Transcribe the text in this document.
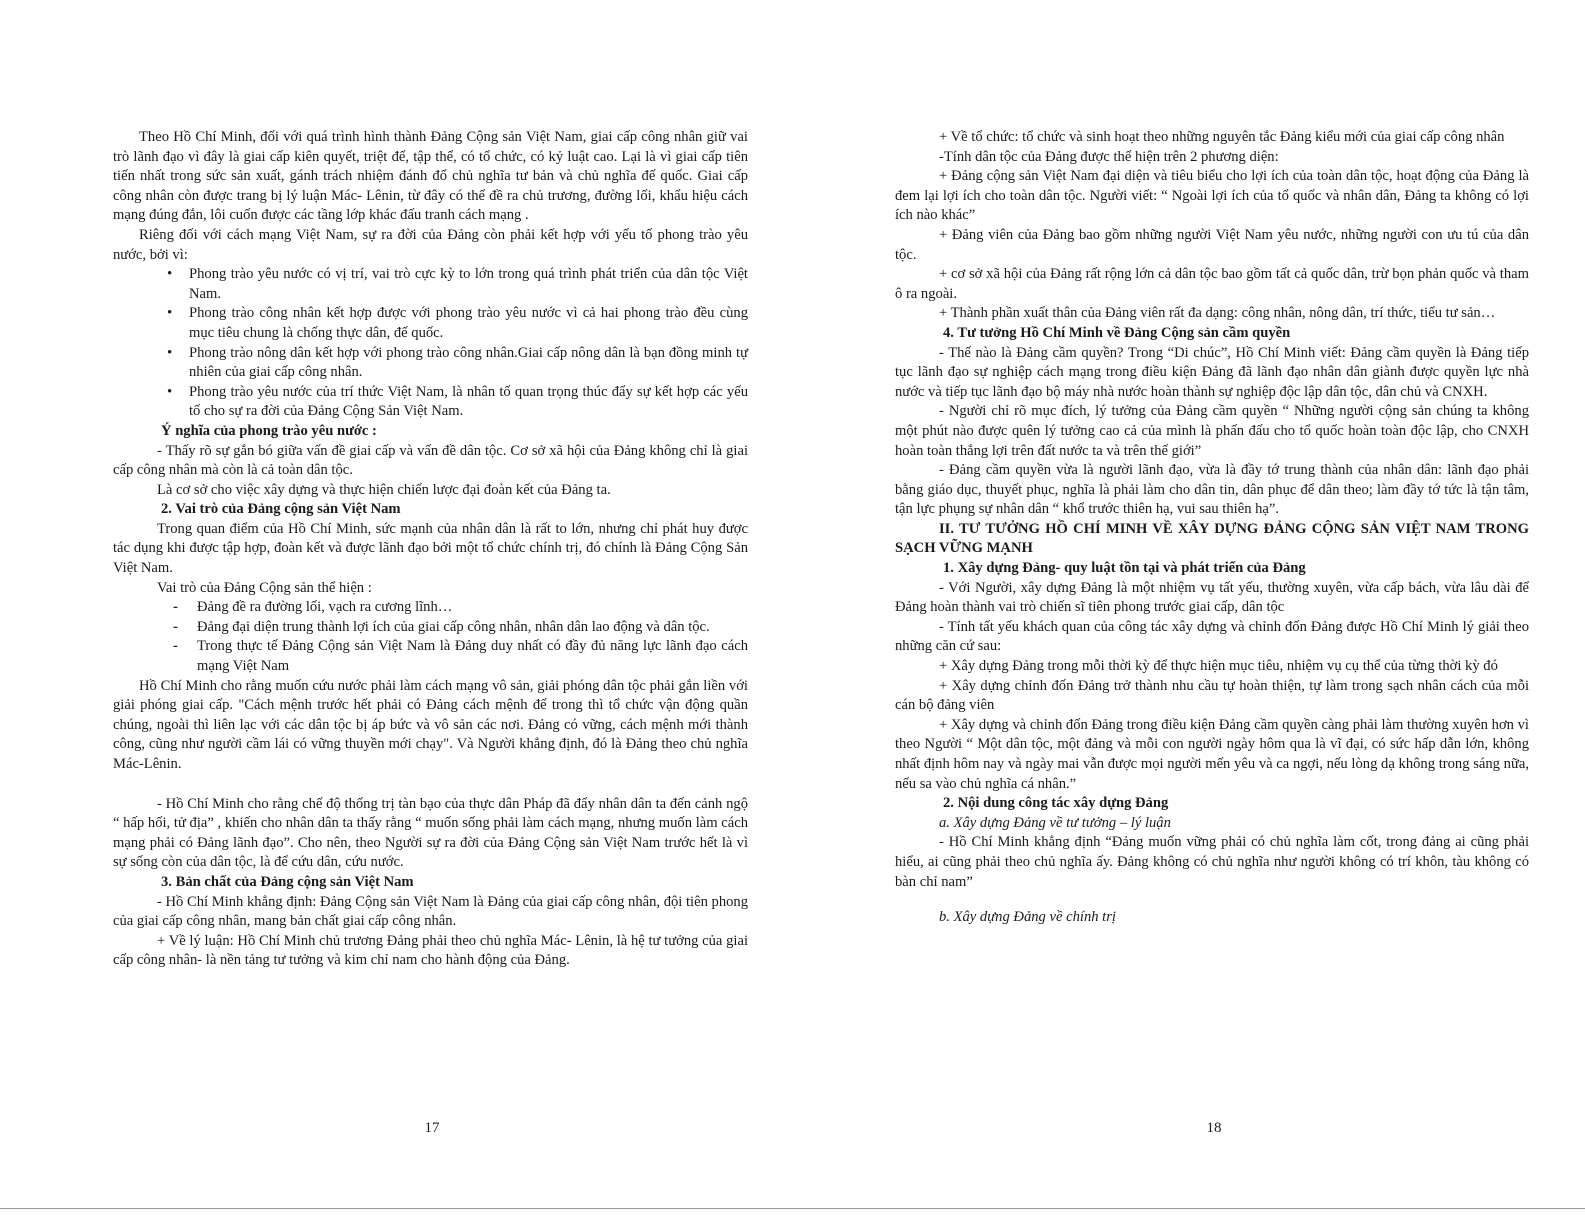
Theo Hồ Chí Minh, đối với quá trình hình thành Đảng Cộng sản Việt Nam, giai cấp công nhân giữ vai trò lãnh đạo vì đây là giai cấp kiên quyết, triệt để, tập thể, có tổ chức, có kỷ luật cao. Lại là vì giai cấp tiên tiến nhất trong sức sản xuất, gánh trách nhiệm đánh đổ chủ nghĩa tư bản và chủ nghĩa đế quốc. Giai cấp công nhân còn được trang bị lý luận Mác- Lênin, từ đây có thể đề ra chủ trương, đường lối, khẩu hiệu cách mạng đúng đắn, lôi cuốn được các tầng lớp khác đấu tranh cách mạng .

Riêng đối với cách mạng Việt Nam, sự ra đời của Đảng còn phải kết hợp với yếu tố phong trào yêu nước, bởi vì:

• Phong trào yêu nước có vị trí, vai trò cực kỳ to lớn trong quá trình phát triển của dân tộc Việt Nam.
• Phong trào công nhân kết hợp được với phong trào yêu nước vì cả hai phong trào đều cùng mục tiêu chung là chống thực dân, đế quốc.
• Phong trào nông dân kết hợp với phong trào công nhân.Giai cấp nông dân là bạn đồng minh tự nhiên của giai cấp công nhân.
• Phong trào yêu nước của trí thức Việt Nam, là nhân tố quan trọng thúc đẩy sự kết hợp các yếu tố cho sự ra đời của Đảng Cộng Sản Việt Nam.

Ý nghĩa của phong trào yêu nước :

- Thấy rõ sự gắn bó giữa vấn đề giai cấp và vấn đề dân tộc. Cơ sở xã hội của Đảng không chỉ là giai cấp công nhân mà còn là cả toàn dân tộc.

Là cơ sở cho việc xây dựng và thực hiện chiến lược đại đoàn kết của Đảng ta.

2. Vai trò của Đảng cộng sản Việt Nam

Trong quan điểm của Hồ Chí Minh, sức mạnh của nhân dân là rất to lớn, nhưng chỉ phát huy được tác dụng khi được tập hợp, đoàn kết và được lãnh đạo bởi một tổ chức chính trị, đó chính là Đảng Cộng Sản Việt Nam.

Vai trò của Đảng Cộng sản thể hiện :

- Đảng đề ra đường lối, vạch ra cương lĩnh…
- Đảng đại diện trung thành lợi ích của giai cấp công nhân, nhân dân lao động và dân tộc.
- Trong thực tế Đảng Cộng sản Việt Nam là Đảng duy nhất có đầy đủ năng lực lãnh đạo cách mạng Việt Nam

Hồ Chí Minh cho rằng muốn cứu nước phải làm cách mạng vô sản, giải phóng dân tộc phải gắn liền với giải phóng giai cấp. "Cách mệnh trước hết phải có Đảng cách mệnh để trong thì tổ chức vận động quần chúng, ngoài thì liên lạc với các dân tộc bị áp bức và vô sản các nơi. Đảng có vững, cách mệnh mới thành công, cũng như người cầm lái có vững thuyền mới chạy". Và Người khẳng định, đó là Đảng theo chủ nghĩa Mác-Lênin.

- Hồ Chí Minh cho rằng chế độ thống trị tàn bạo của thực dân Pháp đã đẩy nhân dân ta đến cảnh ngộ “ hấp hối, tử địa” , khiến cho nhân dân ta thấy rằng “ muốn sống phải làm cách mạng, nhưng muốn làm cách mạng phải có Đảng lãnh đạo”. Cho nên, theo Người sự ra đời của Đảng Cộng sản Việt Nam trước hết là vì sự sống còn của dân tộc, là để cứu dân, cứu nước.

3. Bản chất của Đảng cộng sản Việt Nam

- Hồ Chí Minh khẳng định: Đảng Cộng sản Việt Nam là Đảng của giai cấp công nhân, đội tiên phong của giai cấp công nhân, mang bản chất giai cấp công nhân.

+ Về lý luận: Hồ Chí Minh chủ trương Đảng phải theo chủ nghĩa Mác- Lênin, là hệ tư tưởng của giai cấp công nhân- là nền tảng tư tưởng và kim chỉ nam cho hành động của Đảng.

17

+ Về tổ chức: tổ chức và sinh hoạt theo những nguyên tắc Đảng kiểu mới của giai cấp công nhân

-Tính dân tộc của Đảng được thể hiện trên 2 phương diện:

+ Đảng cộng sản Việt Nam đại diện và tiêu biểu cho lợi ích của toàn dân tộc, hoạt động của Đảng là đem lại lợi ích cho toàn dân tộc. Người viết: “ Ngoài lợi ích của tổ quốc và nhân dân, Đảng ta không có lợi ích nào khác”

+ Đảng viên của Đảng bao gồm những người Việt Nam yêu nước, những người con ưu tú của dân tộc.

+ cơ sở xã hội của Đảng rất rộng lớn cả dân tộc bao gồm tất cả quốc dân, trừ bọn phản quốc và tham ô ra ngoài.

+ Thành phần xuất thân của Đảng viên rất đa dạng: công nhân, nông dân, trí thức, tiểu tư sản…

4. Tư tưởng Hồ Chí Minh về Đảng Cộng sản cầm quyền

- Thế nào là Đảng cầm quyền? Trong “Di chúc”, Hồ Chí Minh viết: Đảng cầm quyền là Đảng tiếp tục lãnh đạo sự nghiệp cách mạng trong điều kiện Đảng đã lãnh đạo nhân dân giành được quyền lực nhà nước và tiếp tục lãnh đạo bộ máy nhà nước hoàn thành sự nghiệp độc lập dân tộc, dân chủ và CNXH.

- Người chỉ rõ mục đích, lý tưởng của Đảng cầm quyền “ Những người cộng sản chúng ta không một phút nào được quên lý tưởng cao cả của mình là phấn đấu cho tổ quốc hoàn toàn độc lập, cho CNXH hoàn toàn thắng lợi trên đất nước ta và trên thế giới”

- Đảng cầm quyền vừa là người lãnh đạo, vừa là đầy tớ trung thành của nhân dân: lãnh đạo phải bằng giáo dục, thuyết phục, nghĩa là phải làm cho dân tin, dân phục để dân theo; làm đầy tớ tức là tận tâm, tận lực phụng sự nhân dân “ khổ trước thiên hạ, vui sau thiên hạ”.

II. TƯ TƯỞNG HỒ CHÍ MINH VỀ XÂY DỰNG ĐẢNG CỘNG SẢN VIỆT NAM TRONG SẠCH VỮNG MẠNH

1. Xây dựng Đảng- quy luật tồn tại và phát triển của Đảng

- Với Người, xây dựng Đảng là một nhiệm vụ tất yếu, thường xuyên, vừa cấp bách, vừa lâu dài để Đảng hoàn thành vai trò chiến sĩ tiên phong trước giai cấp, dân tộc

- Tính tất yếu khách quan của công tác xây dựng và chỉnh đốn Đảng được Hồ Chí Minh lý giải theo những căn cứ sau:

+ Xây dựng Đảng trong mỗi thời kỳ để thực hiện mục tiêu, nhiệm vụ cụ thể của từng thời kỳ đó

+ Xây dựng chỉnh đốn Đảng trở thành nhu cầu tự hoàn thiện, tự làm trong sạch nhân cách của mỗi cán bộ đảng viên

+ Xây dựng và chỉnh đốn Đảng trong điều kiện Đảng cầm quyền càng phải làm thường xuyên hơn vì theo Người “ Một dân tộc, một đảng và mỗi con người ngày hôm qua là vĩ đại, có sức hấp dẫn lớn, không nhất định hôm nay và ngày mai vẫn được mọi người mến yêu và ca ngợi, nếu lòng dạ không trong sáng nữa, nếu sa vào chủ nghĩa cá nhân.”

2. Nội dung công tác xây dựng Đảng

a. Xây dựng Đảng về tư tưởng – lý luận

- Hồ Chí Minh khẳng định “Đảng muốn vững phải có chủ nghĩa làm cốt, trong đảng ai cũng phải hiểu, ai cũng phải theo chủ nghĩa ấy. Đảng không có chủ nghĩa như người không có trí khôn, tàu không có bàn chỉ nam”

b. Xây dựng Đảng về chính trị

18
